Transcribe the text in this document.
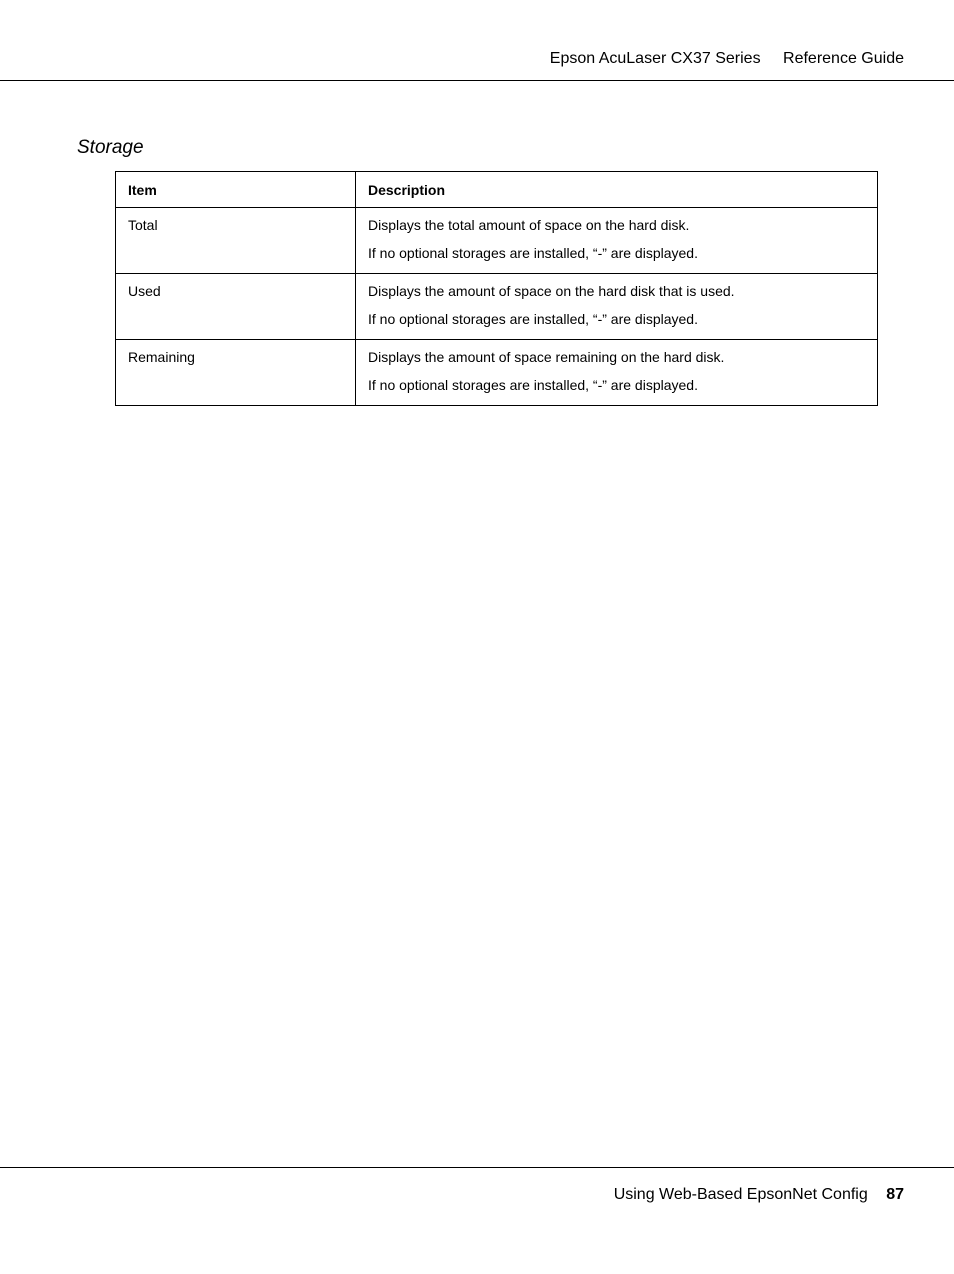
Epson AcuLaser CX37 Series Reference Guide
Storage
Item	Description

Total	Displays the total amount of space on the hard disk.

If no optional storages are installed, “-” are displayed.

Used	Displays the amount of space on the hard disk that is used.

If no optional storages are installed, “-” are displayed.

Remaining	Displays the amount of space remaining on the hard disk.

If no optional storages are installed, “-” are displayed.

Using Web-Based EpsonNet Config 87
